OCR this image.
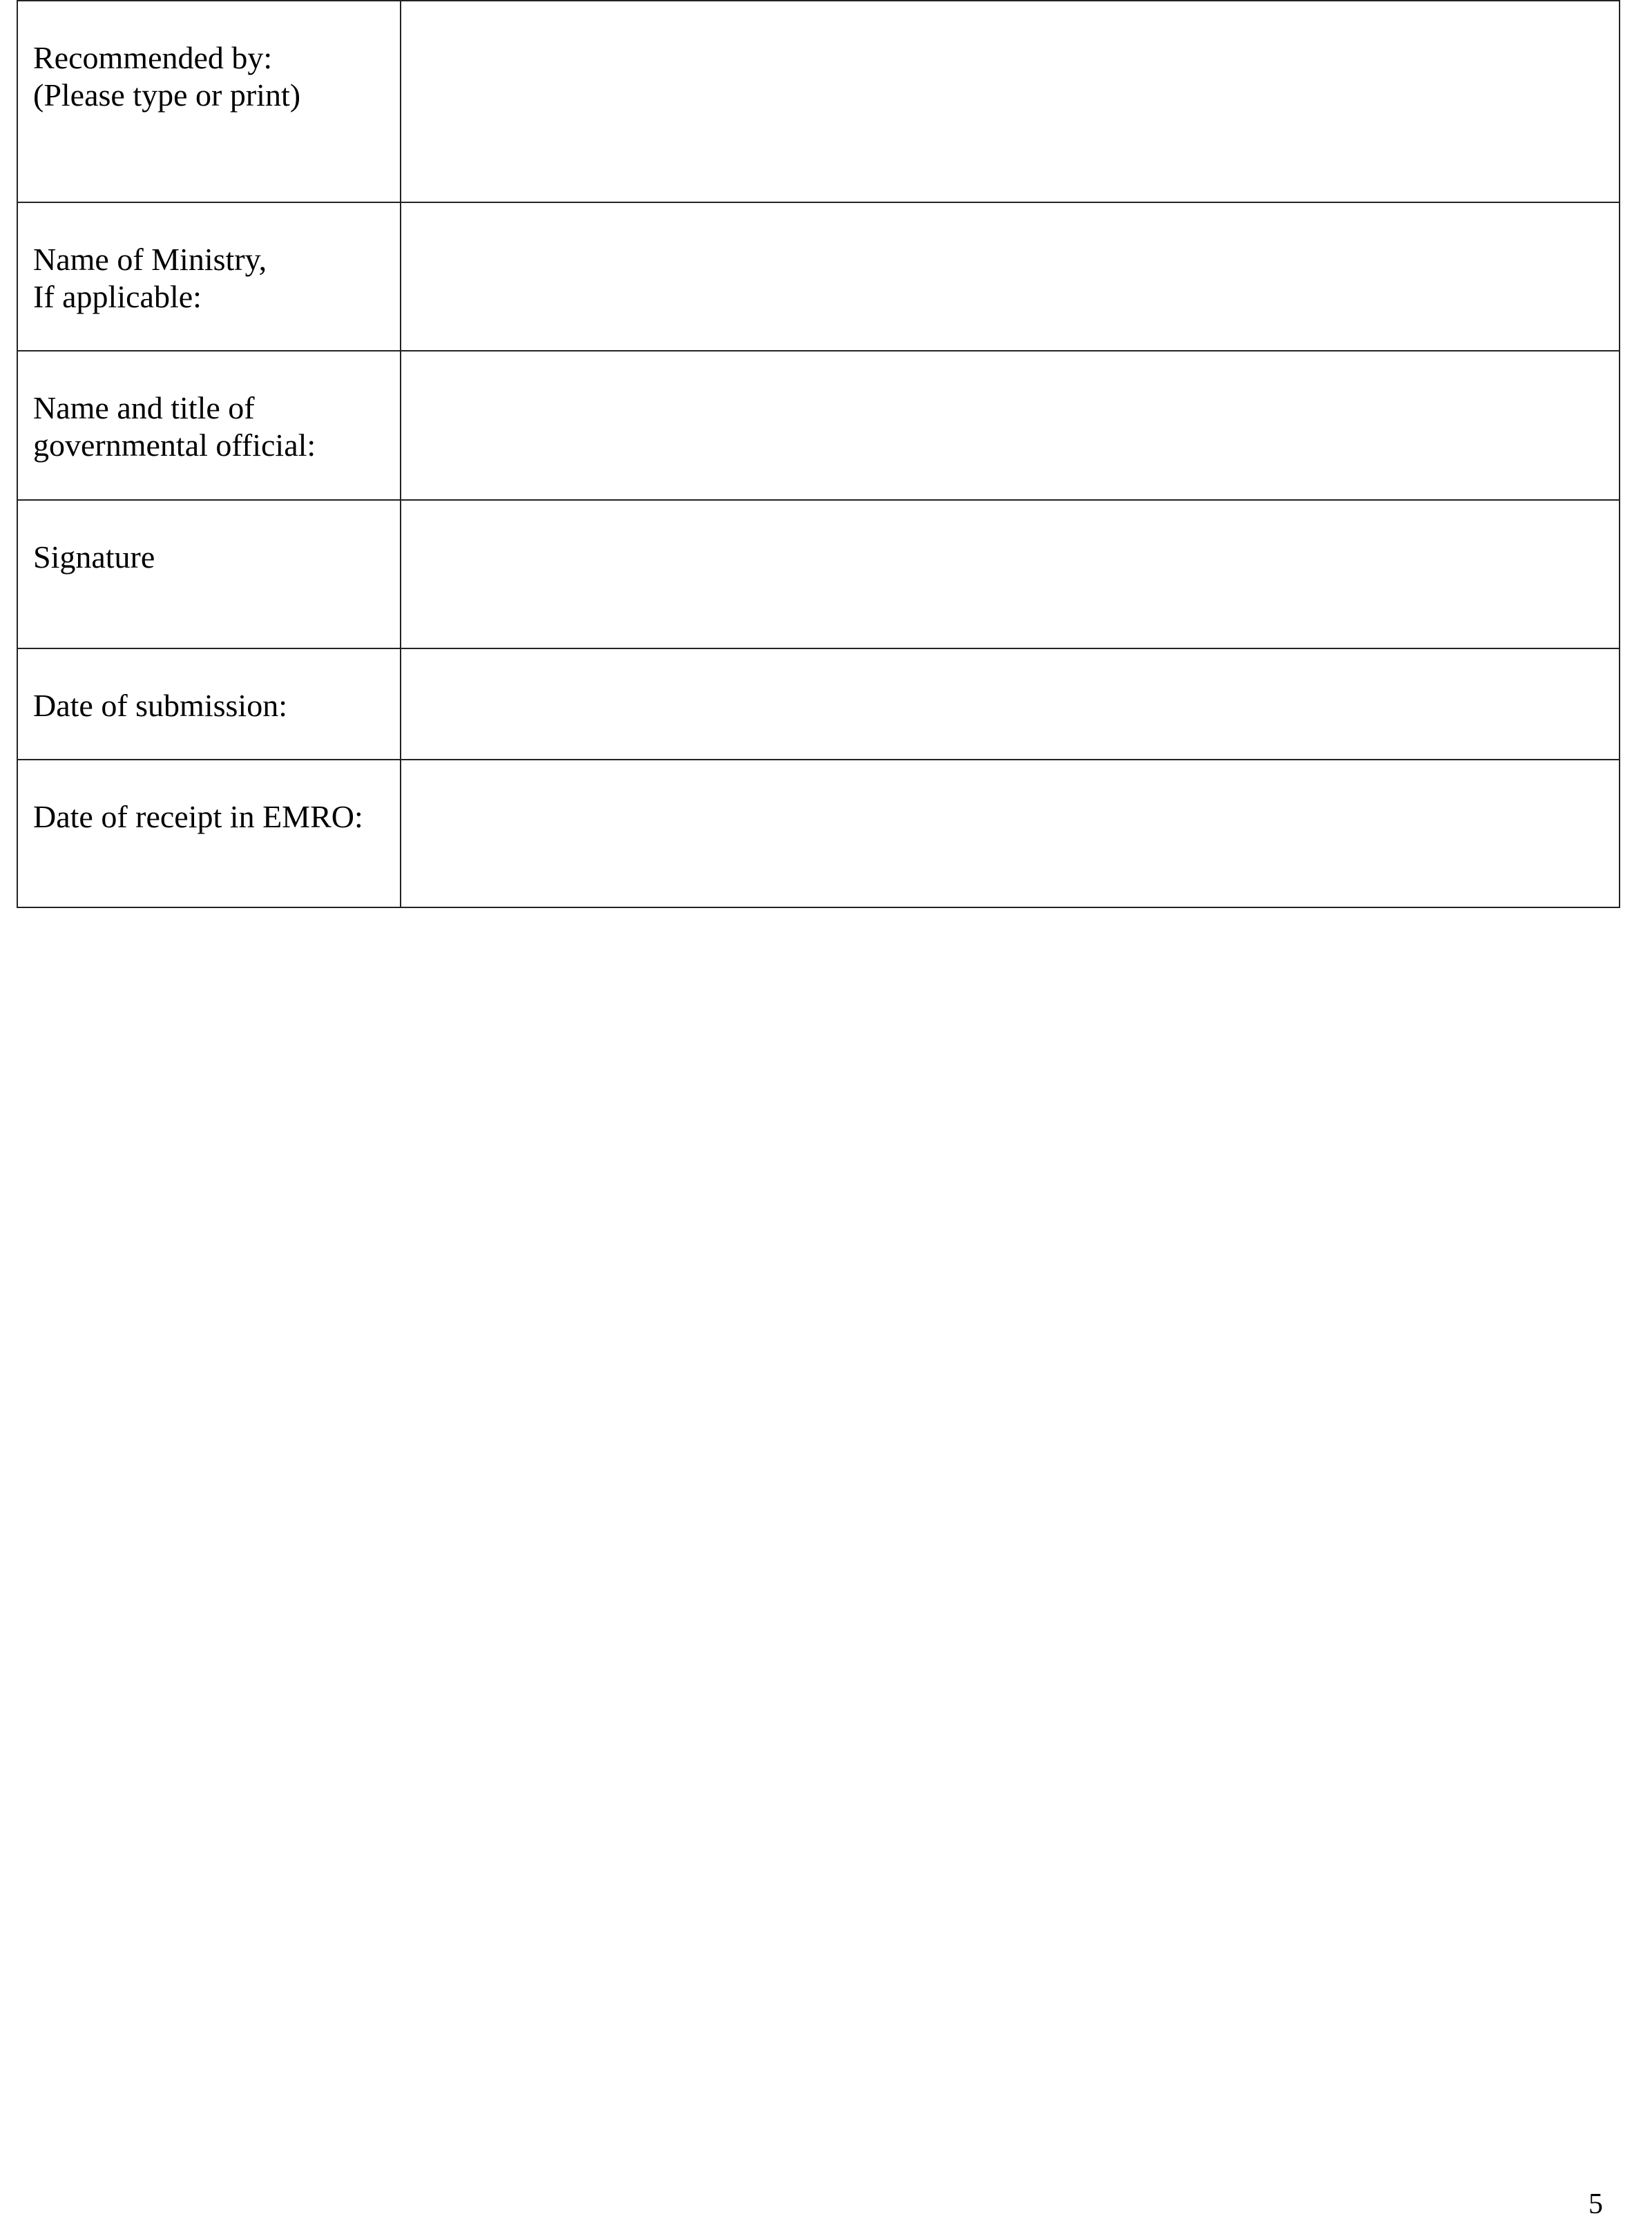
Recommended by:
(Please type or print)	

Name of Ministry,
If applicable:	

Name and title of
governmental official:	

Signature	

Date of submission:	

Date of receipt in EMRO:	

5
